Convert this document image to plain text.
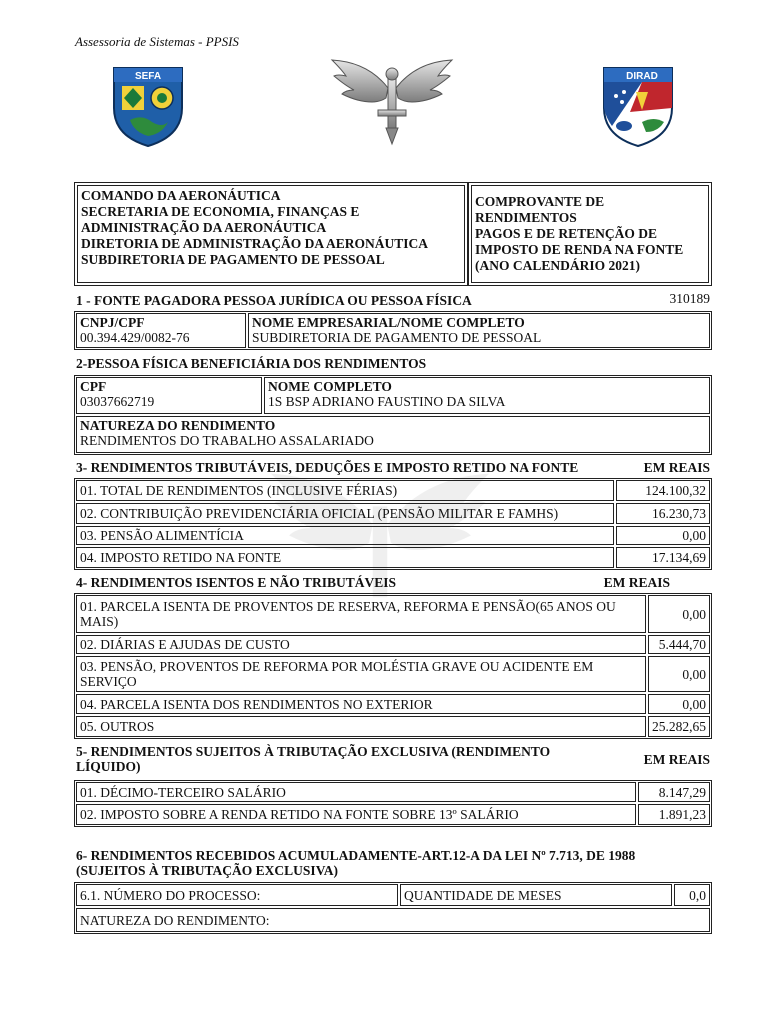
Assessoria de Sistemas - PPSIS
SEFA	DIRAD
COMANDO DA AERONÁUTICA
SECRETARIA DE ECONOMIA, FINANÇAS E
ADMINISTRAÇÃO DA AERONÁUTICA
DIRETORIA DE ADMINISTRAÇÃO DA AERONÁUTICA
SUBDIRETORIA DE PAGAMENTO DE PESSOAL
COMPROVANTE DE
RENDIMENTOS
PAGOS E DE RETENÇÃO DE
IMPOSTO DE RENDA NA FONTE
(ANO CALENDÁRIO 2021)
1 - FONTE PAGADORA PESSOA JURÍDICA OU PESSOA FÍSICA	310189
CNPJ/CPF
00.394.429/0082-76
NOME EMPRESARIAL/NOME COMPLETO
SUBDIRETORIA DE PAGAMENTO DE PESSOAL
2-PESSOA FÍSICA BENEFICIÁRIA DOS RENDIMENTOS
CPF
03037662719
NOME COMPLETO
1S BSP ADRIANO FAUSTINO DA SILVA
NATUREZA DO RENDIMENTO
RENDIMENTOS DO TRABALHO ASSALARIADO
3- RENDIMENTOS TRIBUTÁVEIS, DEDUÇÕES E IMPOSTO RETIDO NA FONTE	EM REAIS
01. TOTAL DE RENDIMENTOS (INCLUSIVE FÉRIAS)	124.100,32
02. CONTRIBUIÇÃO PREVIDENCIÁRIA OFICIAL (PENSÃO MILITAR E FAMHS)	16.230,73
03. PENSÃO ALIMENTÍCIA	0,00
04. IMPOSTO RETIDO NA FONTE	17.134,69
4- RENDIMENTOS ISENTOS E NÃO TRIBUTÁVEIS	EM REAIS
01. PARCELA ISENTA DE PROVENTOS DE RESERVA, REFORMA E PENSÃO(65 ANOS OU MAIS)	0,00
02. DIÁRIAS E AJUDAS DE CUSTO	5.444,70
03. PENSÃO, PROVENTOS DE REFORMA POR MOLÉSTIA GRAVE OU ACIDENTE EM SERVIÇO	0,00
04. PARCELA ISENTA DOS RENDIMENTOS NO EXTERIOR	0,00
05. OUTROS	25.282,65
5- RENDIMENTOS SUJEITOS À TRIBUTAÇÃO EXCLUSIVA (RENDIMENTO LÍQUIDO)	EM REAIS
01. DÉCIMO-TERCEIRO SALÁRIO	8.147,29
02. IMPOSTO SOBRE A RENDA RETIDO NA FONTE SOBRE 13º SALÁRIO	1.891,23
6- RENDIMENTOS RECEBIDOS ACUMULADAMENTE-ART.12-A DA LEI Nº 7.713, DE 1988 (SUJEITOS À TRIBUTAÇÃO EXCLUSIVA)
6.1. NÚMERO DO PROCESSO:	QUANTIDADE DE MESES	0,0
NATUREZA DO RENDIMENTO:
